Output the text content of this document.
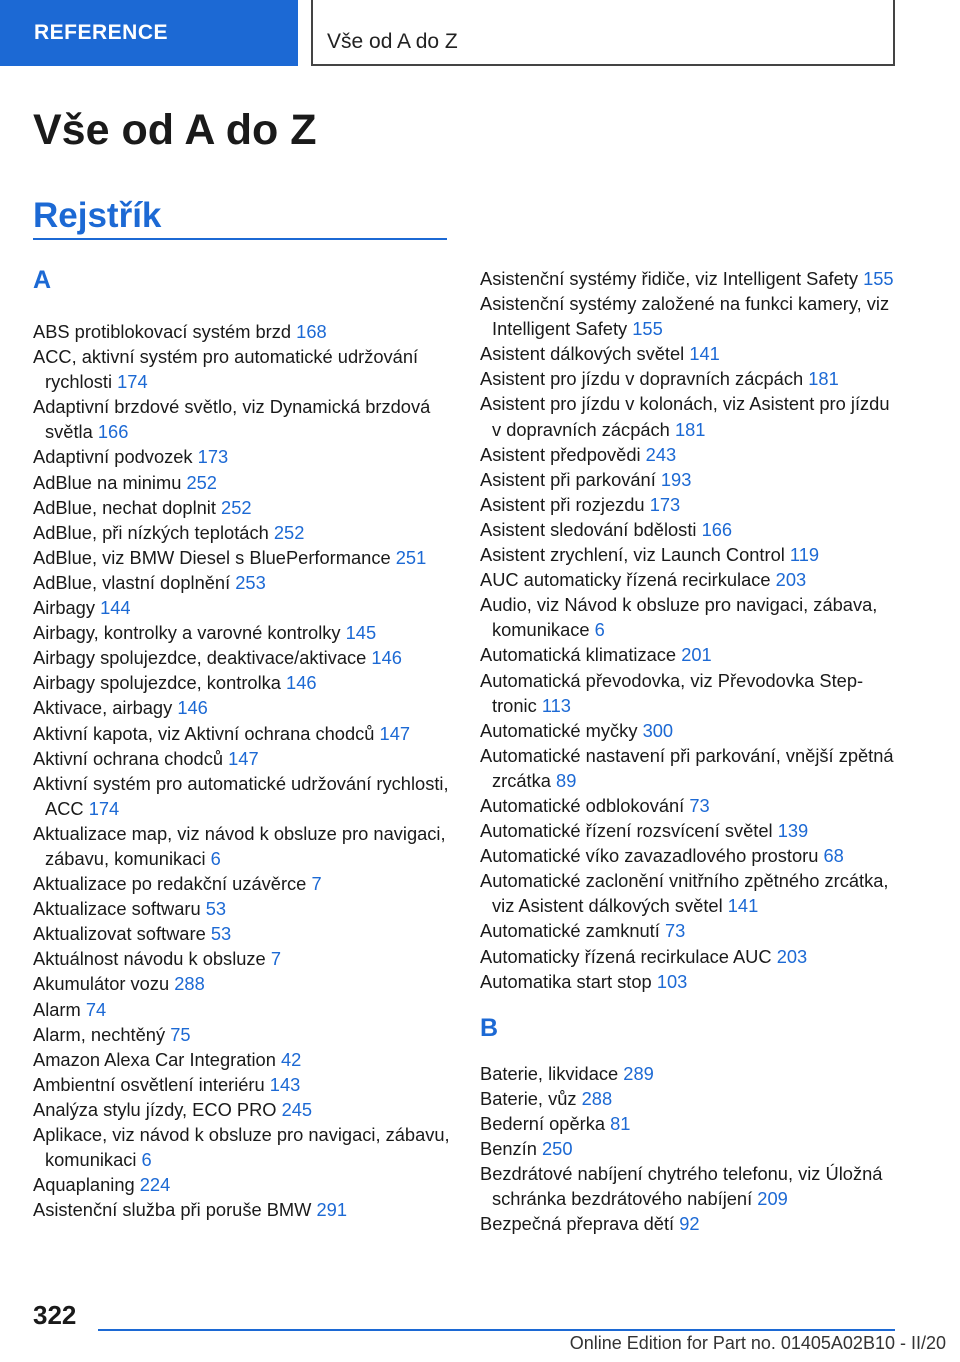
REFERENCE	Vše od A do Z
Vše od A do Z
Rejstřík
A
ABS protiblokovací systém brzd 168
ACC, aktivní systém pro automatické udržování rychlosti 174
Adaptivní brzdové světlo, viz Dynamická brzdová světla 166
Adaptivní podvozek 173
AdBlue na minimu 252
AdBlue, nechat doplnit 252
AdBlue, při nízkých teplotách 252
AdBlue, viz BMW Diesel s BluePerformance 251
AdBlue, vlastní doplnění 253
Airbagy 144
Airbagy, kontrolky a varovné kontrolky 145
Airbagy spolujezdce, deaktivace/aktivace 146
Airbagy spolujezdce, kontrolka 146
Aktivace, airbagy 146
Aktivní kapota, viz Aktivní ochrana chodců 147
Aktivní ochrana chodců 147
Aktivní systém pro automatické udržování rychlosti, ACC 174
Aktualizace map, viz návod k obsluze pro navigaci, zábavu, komunikaci 6
Aktualizace po redakční uzávěrce 7
Aktualizace softwaru 53
Aktualizovat software 53
Aktuálnost návodu k obsluze 7
Akumulátor vozu 288
Alarm 74
Alarm, nechtěný 75
Amazon Alexa Car Integration 42
Ambientní osvětlení interiéru 143
Analýza stylu jízdy, ECO PRO 245
Aplikace, viz návod k obsluze pro navigaci, zábavu, komunikaci 6
Aquaplaning 224
Asistenční služba při poruše BMW 291
Asistenční systémy řidiče, viz Intelligent Safety 155
Asistenční systémy založené na funkci kamery, viz Intelligent Safety 155
Asistent dálkových světel 141
Asistent pro jízdu v dopravních zácpách 181
Asistent pro jízdu v kolonách, viz Asistent pro jízdu v dopravních zácpách 181
Asistent předpovědi 243
Asistent při parkování 193
Asistent při rozjezdu 173
Asistent sledování bdělosti 166
Asistent zrychlení, viz Launch Control 119
AUC automaticky řízená recirkulace 203
Audio, viz Návod k obsluze pro navigaci, zábava, komunikace 6
Automatická klimatizace 201
Automatická převodovka, viz Převodovka Steptronic 113
Automatické myčky 300
Automatické nastavení při parkování, vnější zpětná zrcátka 89
Automatické odblokování 73
Automatické řízení rozsvícení světel 139
Automatické víko zavazadlového prostoru 68
Automatické zaclonění vnitřního zpětného zrcátka, viz Asistent dálkových světel 141
Automatické zamknutí 73
Automaticky řízená recirkulace AUC 203
Automatika start stop 103
B
Baterie, likvidace 289
Baterie, vůz 288
Bederní opěrka 81
Benzín 250
Bezdrátové nabíjení chytrého telefonu, viz Úložná schránka bezdrátového nabíjení 209
Bezpečná přeprava dětí 92
322
Online Edition for Part no. 01405A02B10 - II/20
